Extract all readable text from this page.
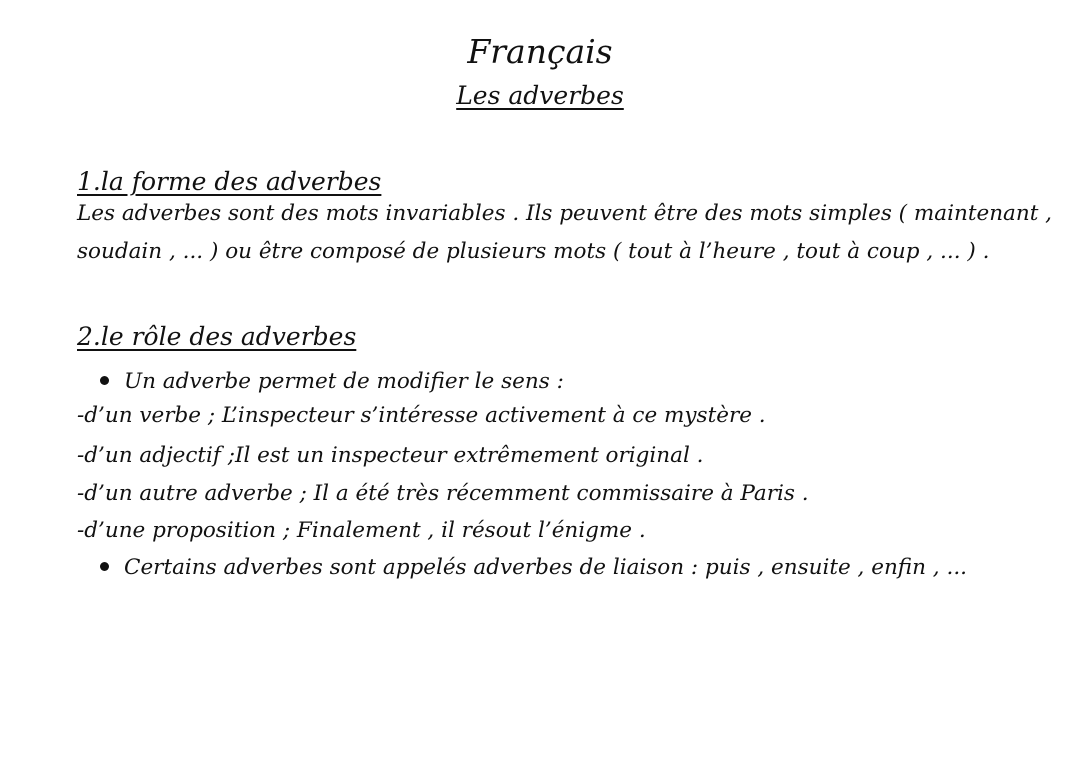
Français
Les adverbes
1.la forme des adverbes
Les adverbes sont des mots invariables . Ils peuvent être des mots simples ( maintenant ,
soudain , ... ) ou être composé de plusieurs mots ( tout à l’heure , tout à coup , ... ) .
2.le rôle des adverbes
Un adverbe permet de modifier le sens :
-d’un verbe ; L’inspecteur s’intéresse activement à ce mystère .
-d’un adjectif ;Il est un inspecteur extrêmement original .
-d’un autre adverbe ; Il a été très récemment commissaire à Paris .
-d’une proposition ; Finalement , il résout l’énigme .
Certains adverbes sont appelés adverbes de liaison : puis , ensuite , enfin , ...
